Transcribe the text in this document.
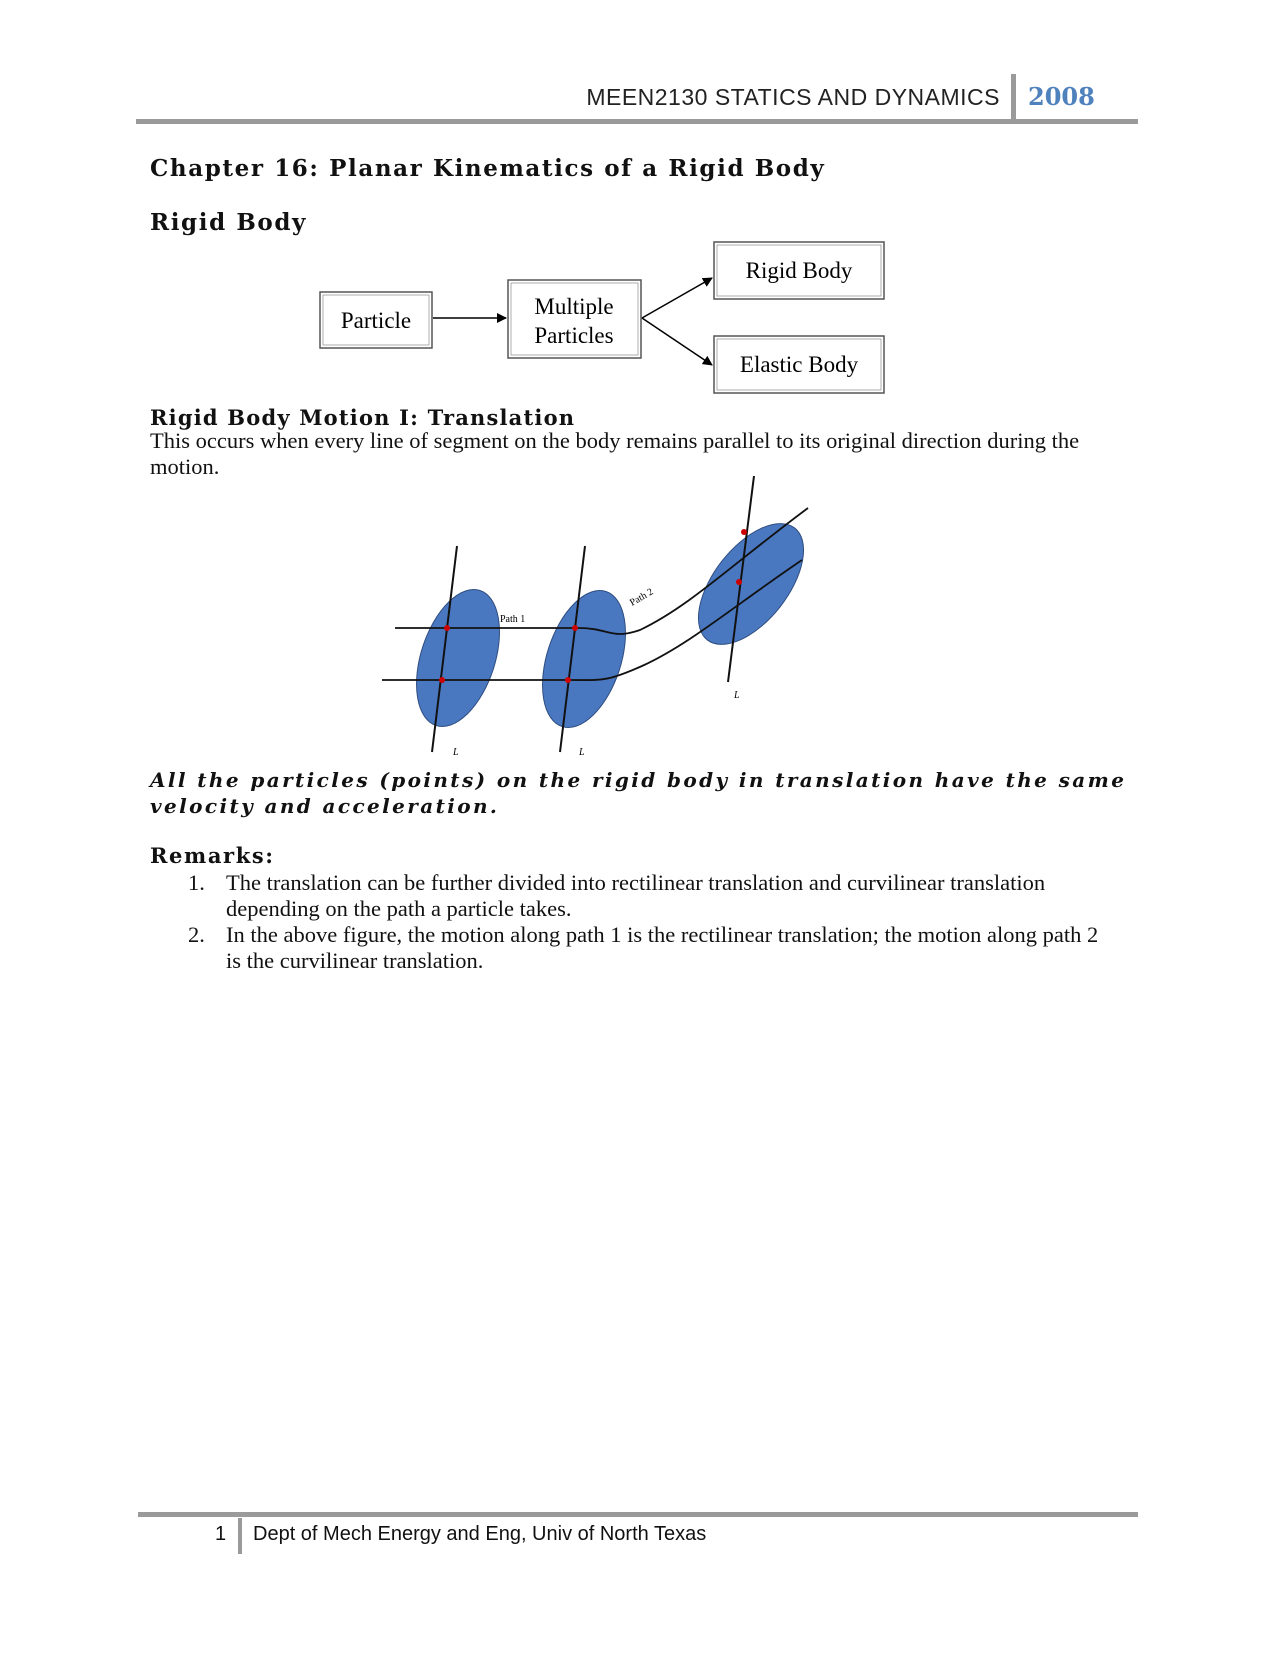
MEEN2130 STATICS AND DYNAMICS 2008
Chapter 16: Planar Kinematics of a Rigid Body
Rigid Body
Particle
Multiple
Particles
Rigid Body
Elastic Body
Rigid Body Motion I: Translation
This occurs when every line of segment on the body remains parallel to its original direction during the motion.
Path 1
Path 2
L	L
L
All the particles (points) on the rigid body in translation have the same velocity and acceleration.
Remarks:
1. The translation can be further divided into rectilinear translation and curvilinear translation depending on the path a particle takes.
2. In the above figure, the motion along path 1 is the rectilinear translation; the motion along path 2 is the curvilinear translation.
1 Dept of Mech Energy and Eng, Univ of North Texas
